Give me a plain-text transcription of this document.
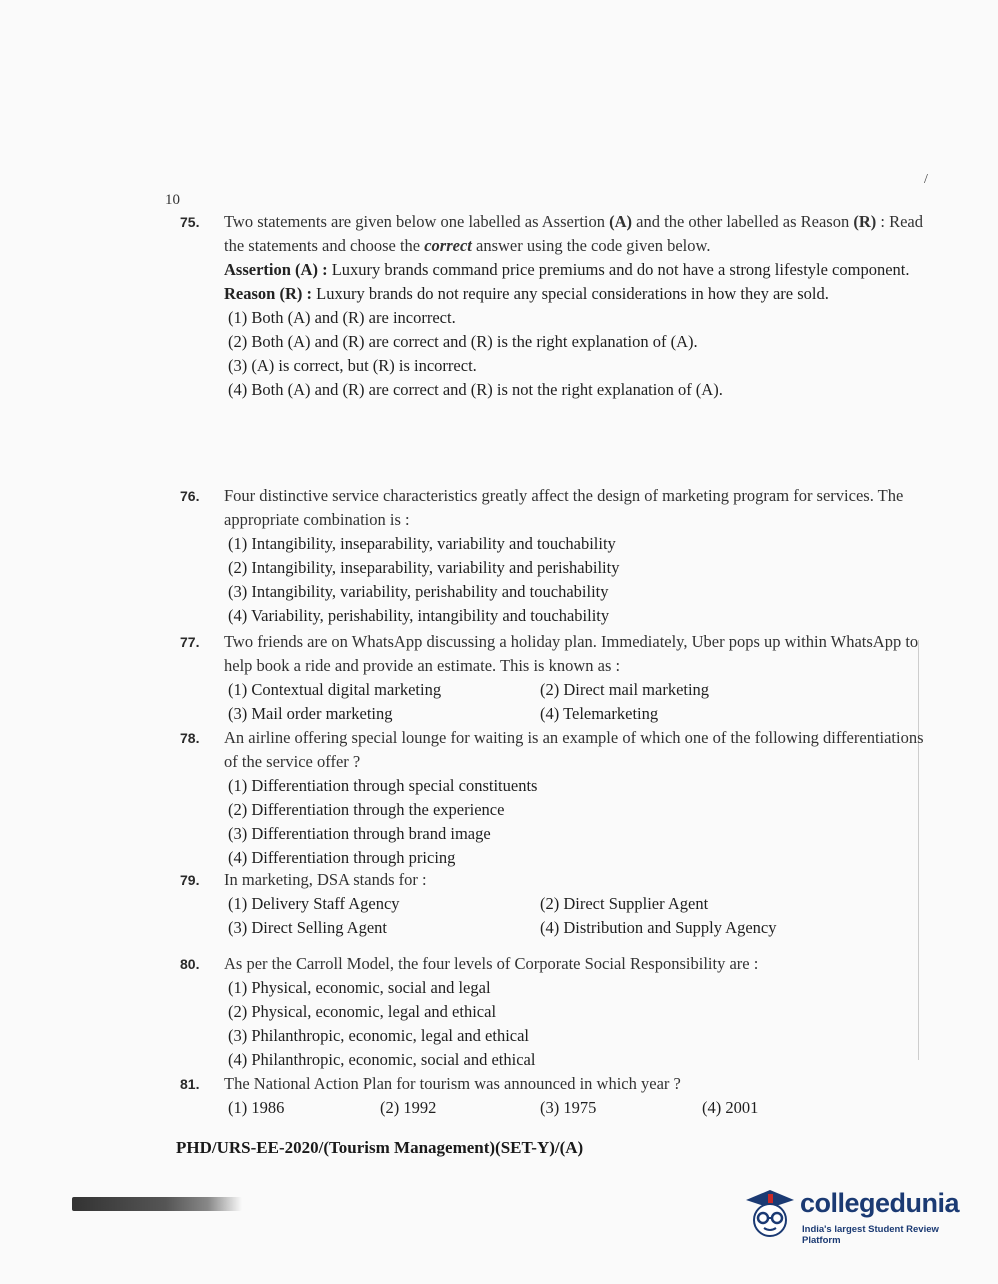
10
/
75. Two statements are given below one labelled as Assertion (A) and the other labelled as Reason (R) : Read the statements and choose the correct answer using the code given below.
Assertion (A) : Luxury brands command price premiums and do not have a strong lifestyle component.
Reason (R) : Luxury brands do not require any special considerations in how they are sold.
(1) Both (A) and (R) are incorrect.
(2) Both (A) and (R) are correct and (R) is the right explanation of (A).
(3) (A) is correct, but (R) is incorrect.
(4) Both (A) and (R) are correct and (R) is not the right explanation of (A).
76. Four distinctive service characteristics greatly affect the design of marketing program for services. The appropriate combination is :
(1) Intangibility, inseparability, variability and touchability
(2) Intangibility, inseparability, variability and perishability
(3) Intangibility, variability, perishability and touchability
(4) Variability, perishability, intangibility and touchability
77. Two friends are on WhatsApp discussing a holiday plan. Immediately, Uber pops up within WhatsApp to help book a ride and provide an estimate. This is known as :
(1) Contextual digital marketing	(2) Direct mail marketing
(3) Mail order marketing	(4) Telemarketing
78. An airline offering special lounge for waiting is an example of which one of the following differentiations of the service offer ?
(1) Differentiation through special constituents
(2) Differentiation through the experience
(3) Differentiation through brand image
(4) Differentiation through pricing
79. In marketing, DSA stands for :
(1) Delivery Staff Agency	(2) Direct Supplier Agent
(3) Direct Selling Agent	(4) Distribution and Supply Agency
80. As per the Carroll Model, the four levels of Corporate Social Responsibility are :
(1) Physical, economic, social and legal
(2) Physical, economic, legal and ethical
(3) Philanthropic, economic, legal and ethical
(4) Philanthropic, economic, social and ethical
81. The National Action Plan for tourism was announced in which year ?
(1) 1986	(2) 1992	(3) 1975	(4) 2001
PHD/URS-EE-2020/(Tourism Management)(SET-Y)/(A)
collegedunia
India's largest Student Review Platform
